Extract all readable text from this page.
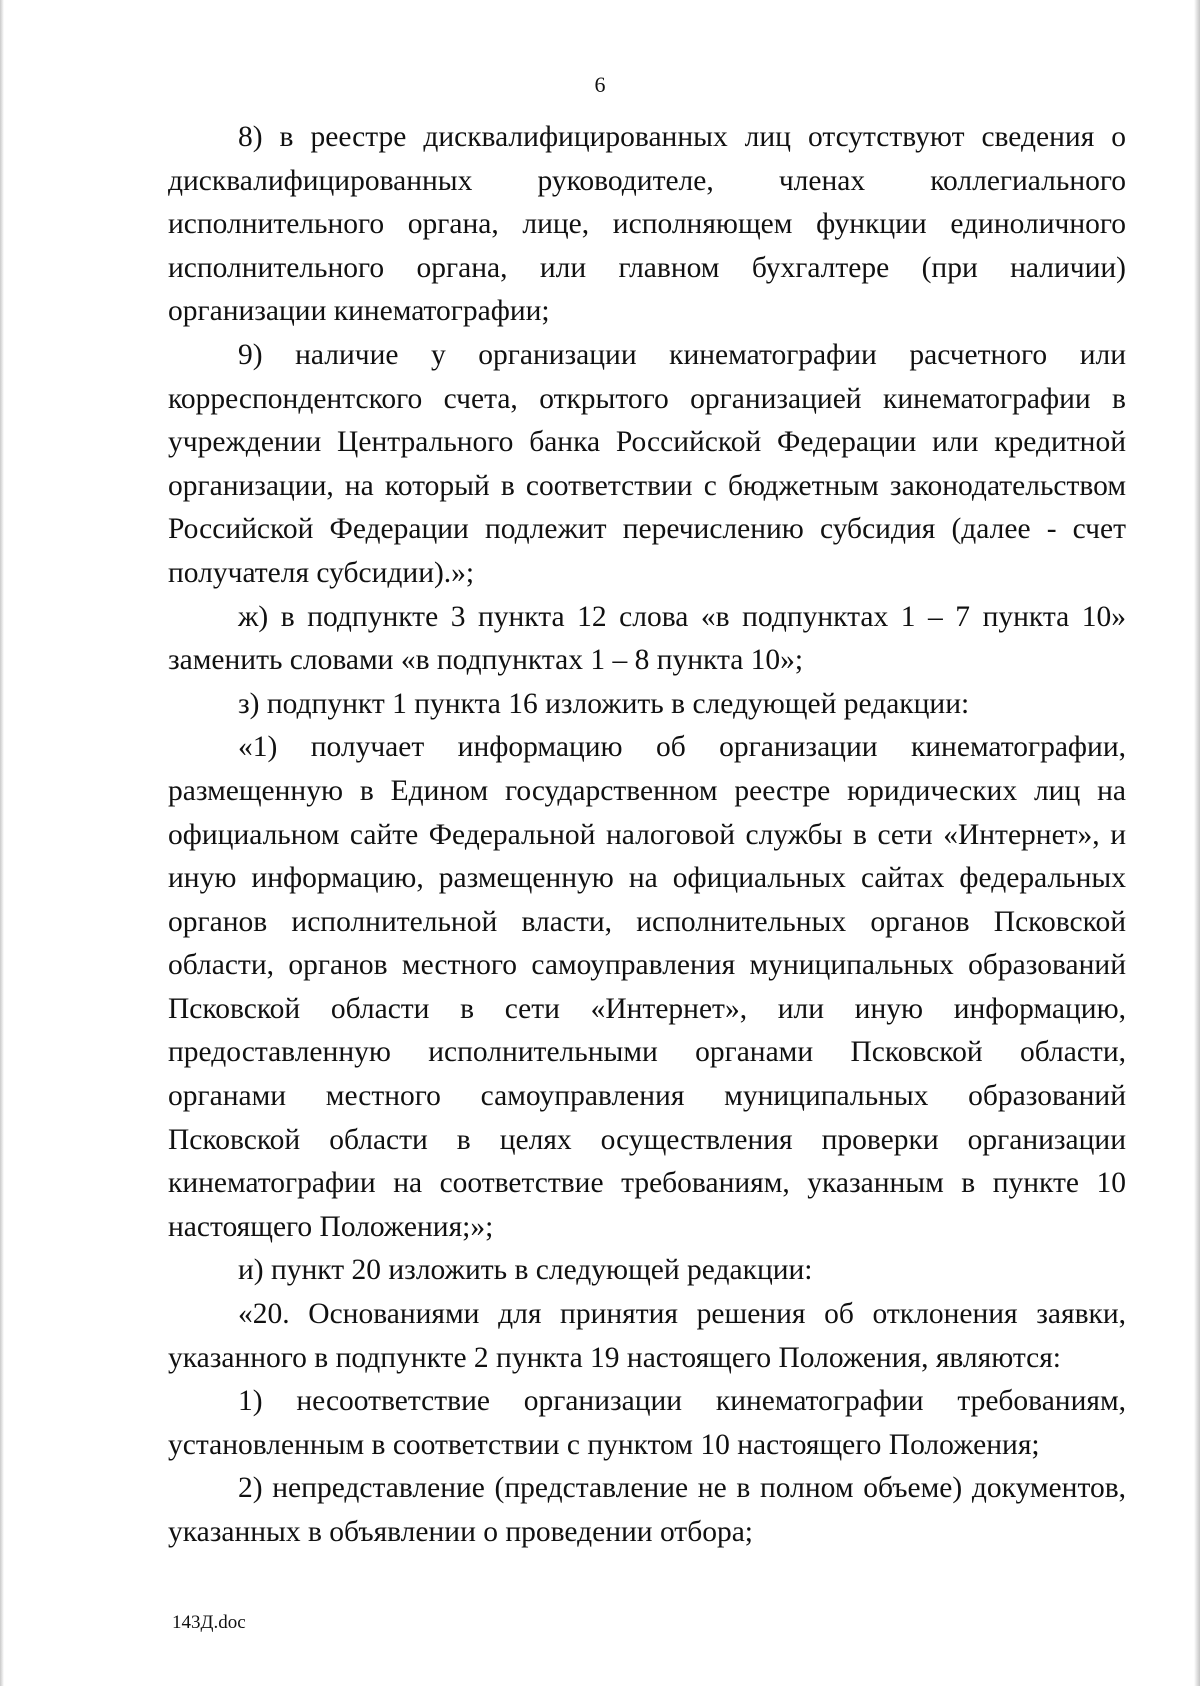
6

8) в реестре дисквалифицированных лиц отсутствуют сведения о дисквалифицированных руководителе, членах коллегиального исполнительного органа, лице, исполняющем функции единоличного исполнительного органа, или главном бухгалтере (при наличии) организации кинематографии;

9) наличие у организации кинематографии расчетного или корреспондентского счета, открытого организацией кинематографии в учреждении Центрального банка Российской Федерации или кредитной организации, на который в соответствии с бюджетным законодательством Российской Федерации подлежит перечислению субсидия (далее - счет получателя субсидии).»;

ж) в подпункте 3 пункта 12 слова «в подпунктах 1 – 7 пункта 10» заменить словами «в подпунктах 1 – 8 пункта 10»;

з) подпункт 1 пункта 16 изложить в следующей редакции:

«1) получает информацию об организации кинематографии, размещенную в Едином государственном реестре юридических лиц на официальном сайте Федеральной налоговой службы в сети «Интернет», и иную информацию, размещенную на официальных сайтах федеральных органов исполнительной власти, исполнительных органов Псковской области, органов местного самоуправления муниципальных образований Псковской области в сети «Интернет», или иную информацию, предоставленную исполнительными органами Псковской области, органами местного самоуправления муниципальных образований Псковской области в целях осуществления проверки организации кинематографии на соответствие требованиям, указанным в пункте 10 настоящего Положения;»;

и) пункт 20 изложить в следующей редакции:

«20. Основаниями для принятия решения об отклонения заявки, указанного в подпункте 2 пункта 19 настоящего Положения, являются:

1) несоответствие организации кинематографии требованиям, установленным в соответствии с пунктом 10 настоящего Положения;

2) непредставление (представление не в полном объеме) документов, указанных в объявлении о проведении отбора;

143Д.doc
